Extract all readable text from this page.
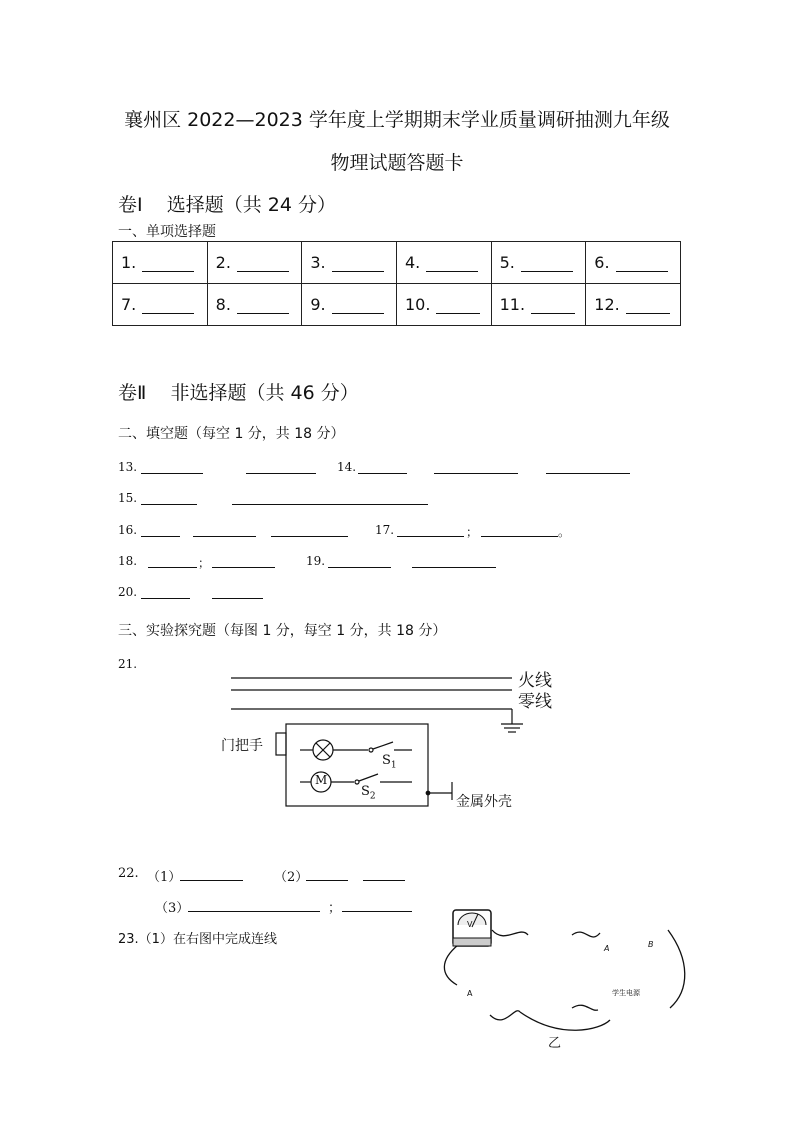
襄州区 2022—2023 学年度上学期期末学业质量调研抽测九年级
物理试题答题卡
卷Ⅰ    选择题（共 24 分）
一、单项选择题
1.	2.	3.	4.	5.	6.
7.	8.	9.	10.	11.	12.
卷Ⅱ    非选择题（共 46 分）
二、填空题（每空 1 分，共 18 分）
13.	14.
15.
16.	17.	；	。
18.	；	19.
20.
三、实验探究题（每图 1 分，每空 1 分，共 18 分）
21.
火线
零线
门把手
M
$S_1$
$S_2$	金属外壳
22. （1）	（2）
（3）	；
23.（1）在右图中完成连线
V
A
A	B
学生电源
乙
